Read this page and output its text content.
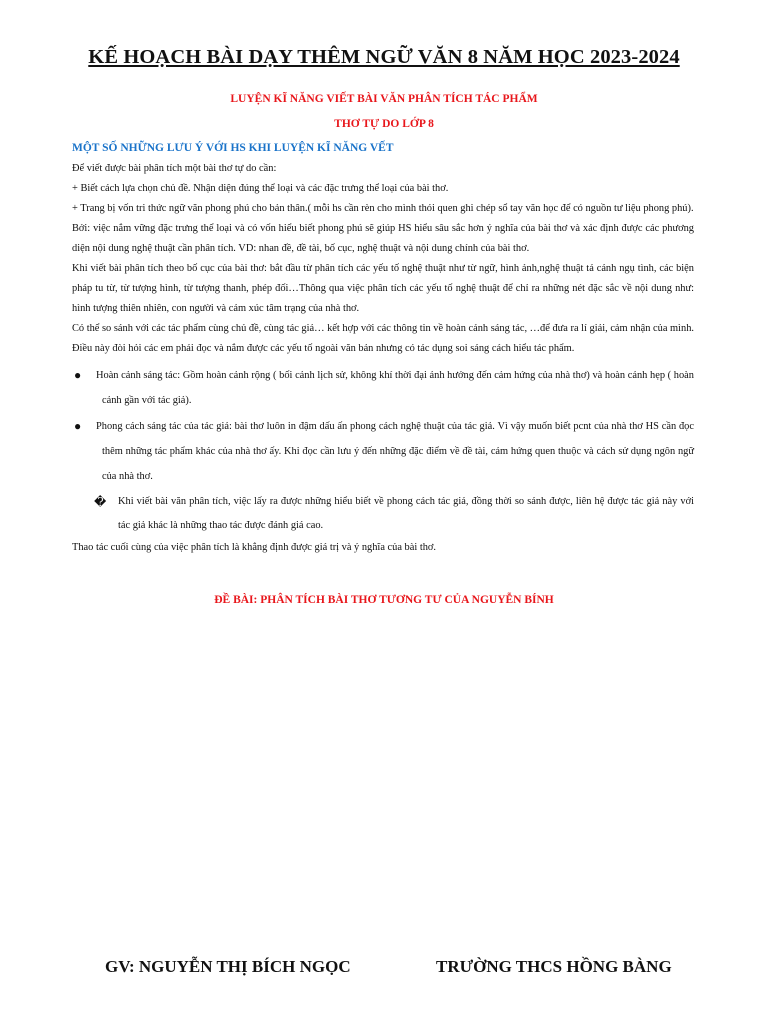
KẾ HOẠCH BÀI DẠY THÊM NGỮ VĂN 8 NĂM HỌC 2023-2024
LUYỆN KĨ NĂNG VIẾT BÀI VĂN PHÂN TÍCH TÁC PHẨM
THƠ TỰ DO LỚP 8
MỘT SỐ NHỮNG LƯU Ý VỚI HS KHI LUYỆN KĨ NĂNG VẾT

Để viết được bài phân tích một bài thơ tự do cần:

+ Biết cách lựa chọn chủ đề. Nhận diện đúng thể loại và các đặc trưng thể loại của bài thơ.

+ Trang bị vốn tri thức ngữ văn phong phú cho bản thân.( mỗi hs cần rèn cho mình thói quen ghi chép sổ tay văn học để có nguồn tư liệu phong phú).

Bởi: việc nắm vững đặc trưng thể loại và có vốn hiểu biết phong phú sẽ giúp HS hiểu sâu sắc hơn ý nghĩa của bài thơ và xác định được các phương diện nội dung nghệ thuật cần phân tích. VD: nhan đề, đề tài, bố cục, nghệ thuật và nội dung chính của bài thơ.

Khi viết bài phân tích theo bố cục của bài thơ: bắt đầu từ phân tích các yếu tố nghệ thuật như từ ngữ, hình ảnh,nghệ thuật tả cảnh ngụ tình, các biện pháp tu từ, từ tượng hình, từ tượng thanh, phép đối…Thông qua việc phân tích các yếu tố nghệ thuật để chỉ ra những nét đặc sắc về nội dung như: hình tượng thiên nhiên, con người và cảm xúc tâm trạng của nhà thơ.

Có thể so sánh với các tác phẩm cùng chủ đề, cùng tác giả… kết hợp với các thông tin về hoàn cảnh sáng tác, …để đưa ra lí giải, cảm nhận của mình. Điều này đòi hỏi các em phải đọc và nắm được các yếu tố ngoài văn bản nhưng có tác dụng soi sáng cách hiểu tác phẩm.

● Hoàn cảnh sáng tác: Gồm hoàn cảnh rộng ( bối cảnh lịch sử, không khí thời đại ảnh hưởng đến cảm hứng của nhà thơ) và hoàn cảnh hẹp ( hoàn cảnh gần với tác giả).
● Phong cách sáng tác của tác giả: bài thơ luôn in đậm dấu ấn phong cách nghệ thuật của tác giả. Vì vậy muốn biết pcnt của nhà thơ HS cần đọc thêm những tác phẩm khác của nhà thơ ấy. Khi đọc cần lưu ý đến những đặc điểm về đề tài, cảm hứng quen thuộc và cách sử dụng ngôn ngữ của nhà thơ.
� Khi viết bài văn phân tích, việc lấy ra được những hiểu biết về phong cách tác giả, đồng thời so sánh được, liên hệ được tác giả này với tác giả khác là những thao tác được đánh giá cao.

Thao tác cuối cùng của việc phân tích là khẳng định được giá trị và ý nghĩa của bài thơ.

ĐỀ BÀI: PHÂN TÍCH BÀI THƠ TƯƠNG TƯ CỦA NGUYỄN BÍNH
GV: NGUYỄN THỊ BÍCH NGỌC	TRƯỜNG THCS HỒNG BÀNG
